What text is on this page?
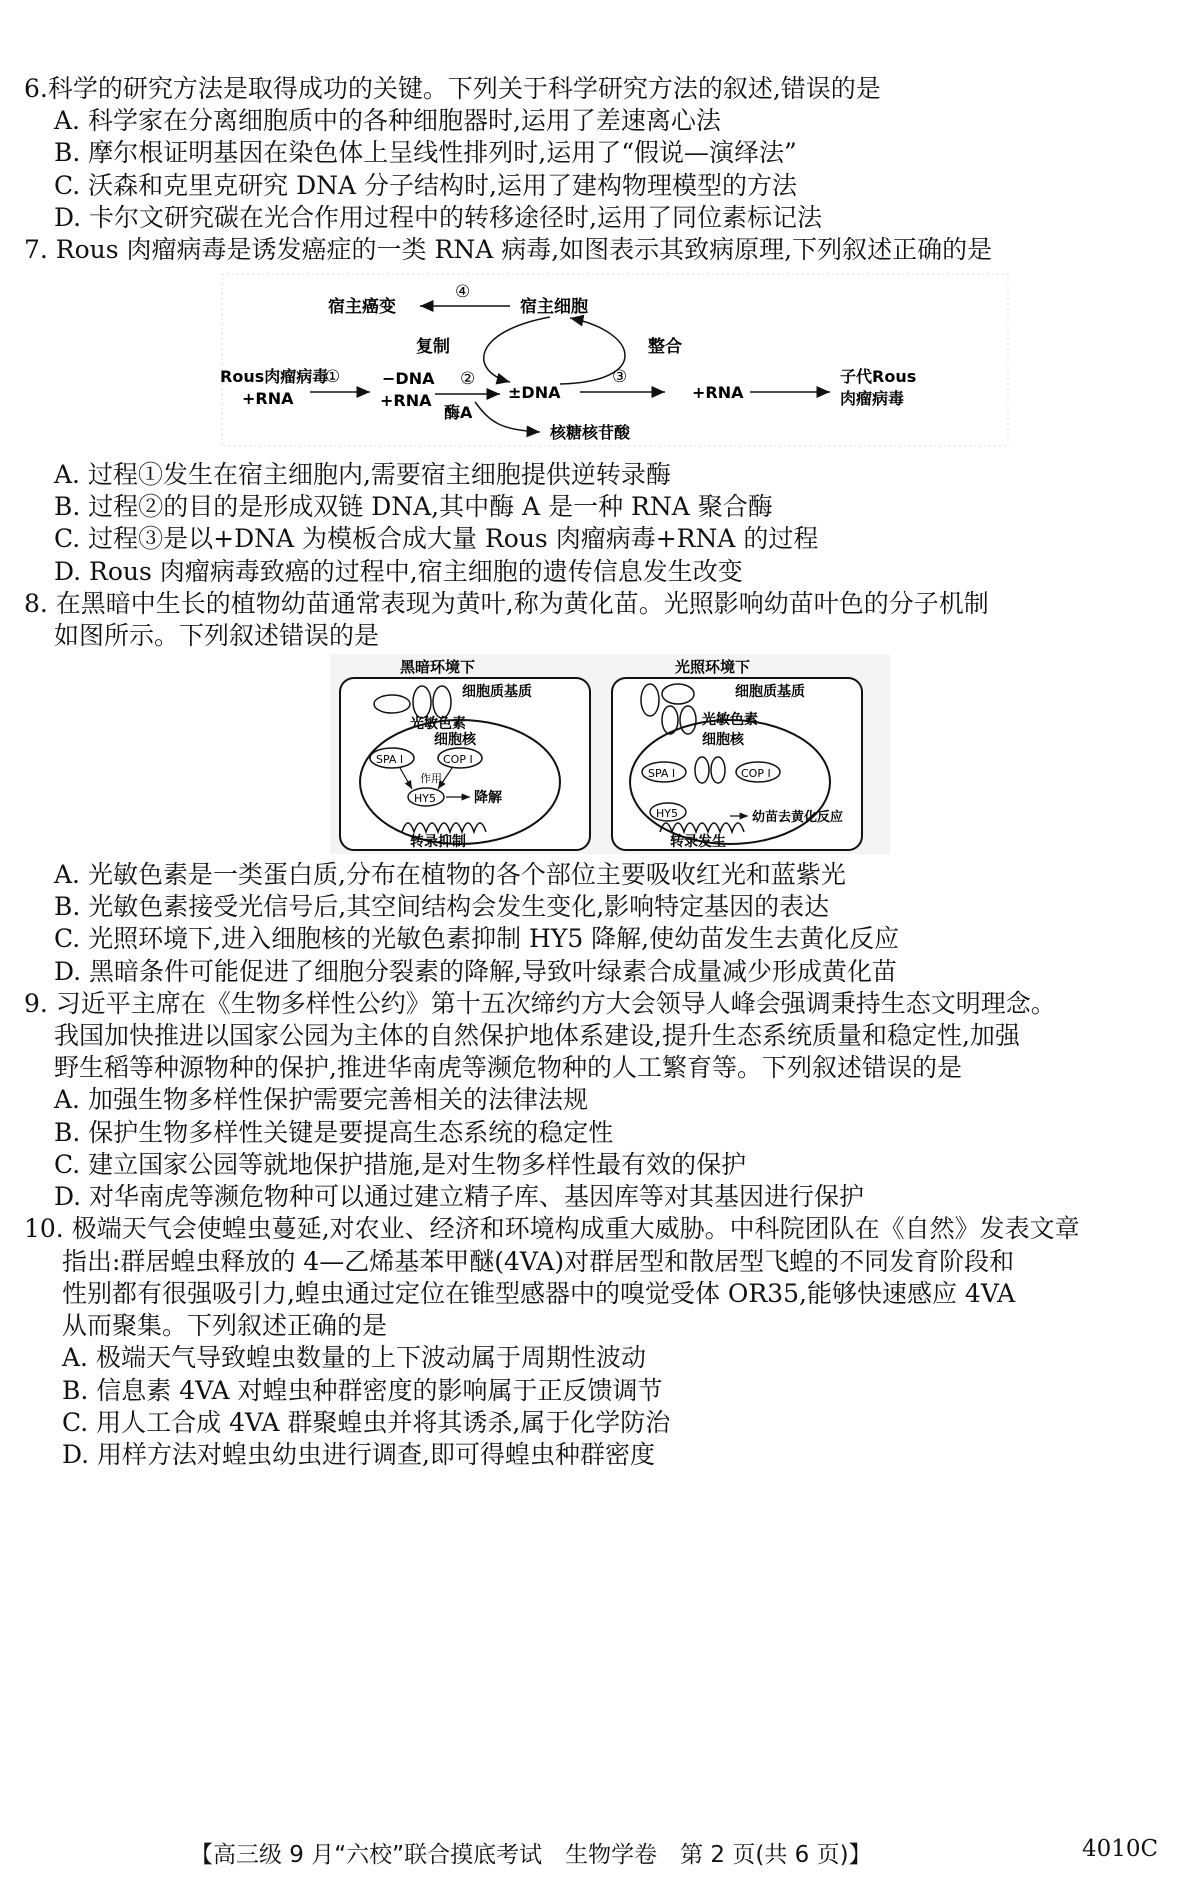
6.科学的研究方法是取得成功的关键。下列关于科学研究方法的叙述,错误的是
A. 科学家在分离细胞质中的各种细胞器时,运用了差速离心法
B. 摩尔根证明基因在染色体上呈线性排列时,运用了“假说—演绎法”
C. 沃森和克里克研究 DNA 分子结构时,运用了建构物理模型的方法
D. 卡尔文研究碳在光合作用过程中的转移途径时,运用了同位素标记法
7. Rous 肉瘤病毒是诱发癌症的一类 RNA 病毒,如图表示其致病原理,下列叙述正确的是
宿主癌变
④
宿主细胞
复制	整合
Rous肉瘤病毒
+RNA
①	−DNA
+RNA
②
±DNA
酶A
核糖核苷酸
③
+RNA
子代Rous
肉瘤病毒
A. 过程①发生在宿主细胞内,需要宿主细胞提供逆转录酶
B. 过程②的目的是形成双链 DNA,其中酶 A 是一种 RNA 聚合酶
C. 过程③是以+DNA 为模板合成大量 Rous 肉瘤病毒+RNA 的过程
D. Rous 肉瘤病毒致癌的过程中,宿主细胞的遗传信息发生改变
8. 在黑暗中生长的植物幼苗通常表现为黄叶,称为黄化苗。光照影响幼苗叶色的分子机制
如图所示。下列叙述错误的是
黑暗环境下	光照环境下
细胞质基质
光敏色素
细胞核
SPA Ⅰ	COP Ⅰ
作用
HY5	降解
转录抑制
细胞质基质
光敏色素
细胞核
SPA Ⅰ	COP Ⅰ
HY5	幼苗去黄化反应
转录发生
A. 光敏色素是一类蛋白质,分布在植物的各个部位主要吸收红光和蓝紫光
B. 光敏色素接受光信号后,其空间结构会发生变化,影响特定基因的表达
C. 光照环境下,进入细胞核的光敏色素抑制 HY5 降解,使幼苗发生去黄化反应
D. 黑暗条件可能促进了细胞分裂素的降解,导致叶绿素合成量减少形成黄化苗
9. 习近平主席在《生物多样性公约》第十五次缔约方大会领导人峰会强调秉持生态文明理念。
我国加快推进以国家公园为主体的自然保护地体系建设,提升生态系统质量和稳定性,加强
野生稻等种源物种的保护,推进华南虎等濒危物种的人工繁育等。下列叙述错误的是
A. 加强生物多样性保护需要完善相关的法律法规
B. 保护生物多样性关键是要提高生态系统的稳定性
C. 建立国家公园等就地保护措施,是对生物多样性最有效的保护
D. 对华南虎等濒危物种可以通过建立精子库、基因库等对其基因进行保护
10. 极端天气会使蝗虫蔓延,对农业、经济和环境构成重大威胁。中科院团队在《自然》发表文章
指出:群居蝗虫释放的 4—乙烯基苯甲醚(4VA)对群居型和散居型飞蝗的不同发育阶段和
性别都有很强吸引力,蝗虫通过定位在锥型感器中的嗅觉受体 OR35,能够快速感应 4VA
从而聚集。下列叙述正确的是
A. 极端天气导致蝗虫数量的上下波动属于周期性波动
B. 信息素 4VA 对蝗虫种群密度的影响属于正反馈调节
C. 用人工合成 4VA 群聚蝗虫并将其诱杀,属于化学防治
D. 用样方法对蝗虫幼虫进行调查,即可得蝗虫种群密度
【高三级 9 月“六校”联合摸底考试　生物学卷　第 2 页(共 6 页)】	4010C
